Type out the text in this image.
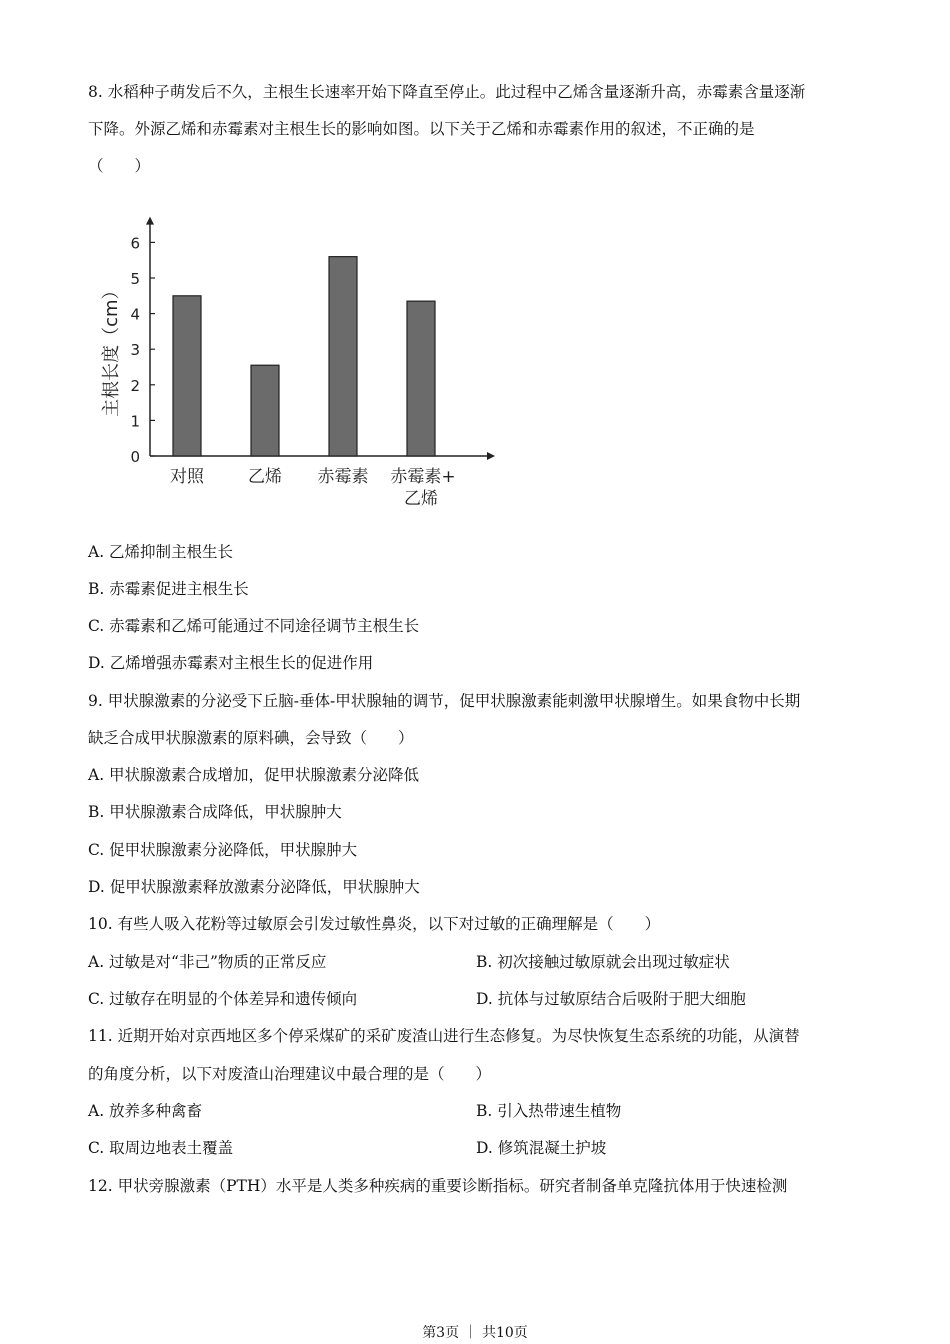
8. 水稻种子萌发后不久，主根生长速率开始下降直至停止。此过程中乙烯含量逐渐升高，赤霉素含量逐渐
下降。外源乙烯和赤霉素对主根生长的影响如图。以下关于乙烯和赤霉素作用的叙述，不正确的是
（　　）
0
1
2
3
4
5
6
主根长度（cm）
对照	乙烯 赤霉素 赤霉素+
乙烯
A. 乙烯抑制主根生长
B. 赤霉素促进主根生长
C. 赤霉素和乙烯可能通过不同途径调节主根生长
D. 乙烯增强赤霉素对主根生长的促进作用
9. 甲状腺激素的分泌受下丘脑-垂体-甲状腺轴的调节，促甲状腺激素能刺激甲状腺增生。如果食物中长期
缺乏合成甲状腺激素的原料碘，会导致（　　）
A. 甲状腺激素合成增加，促甲状腺激素分泌降低
B. 甲状腺激素合成降低，甲状腺肿大
C. 促甲状腺激素分泌降低，甲状腺肿大
D. 促甲状腺激素释放激素分泌降低，甲状腺肿大
10. 有些人吸入花粉等过敏原会引发过敏性鼻炎，以下对过敏的正确理解是（　　）
A. 过敏是对“非己”物质的正常反应	B. 初次接触过敏原就会出现过敏症状
C. 过敏存在明显的个体差异和遗传倾向	D. 抗体与过敏原结合后吸附于肥大细胞
11. 近期开始对京西地区多个停采煤矿的采矿废渣山进行生态修复。为尽快恢复生态系统的功能，从演替
的角度分析，以下对废渣山治理建议中最合理的是（　　）
A. 放养多种禽畜	B. 引入热带速生植物
C. 取周边地表土覆盖	D. 修筑混凝土护坡
12. 甲状旁腺激素（PTH）水平是人类多种疾病的重要诊断指标。研究者制备单克隆抗体用于快速检测
第3页 ｜ 共10页
